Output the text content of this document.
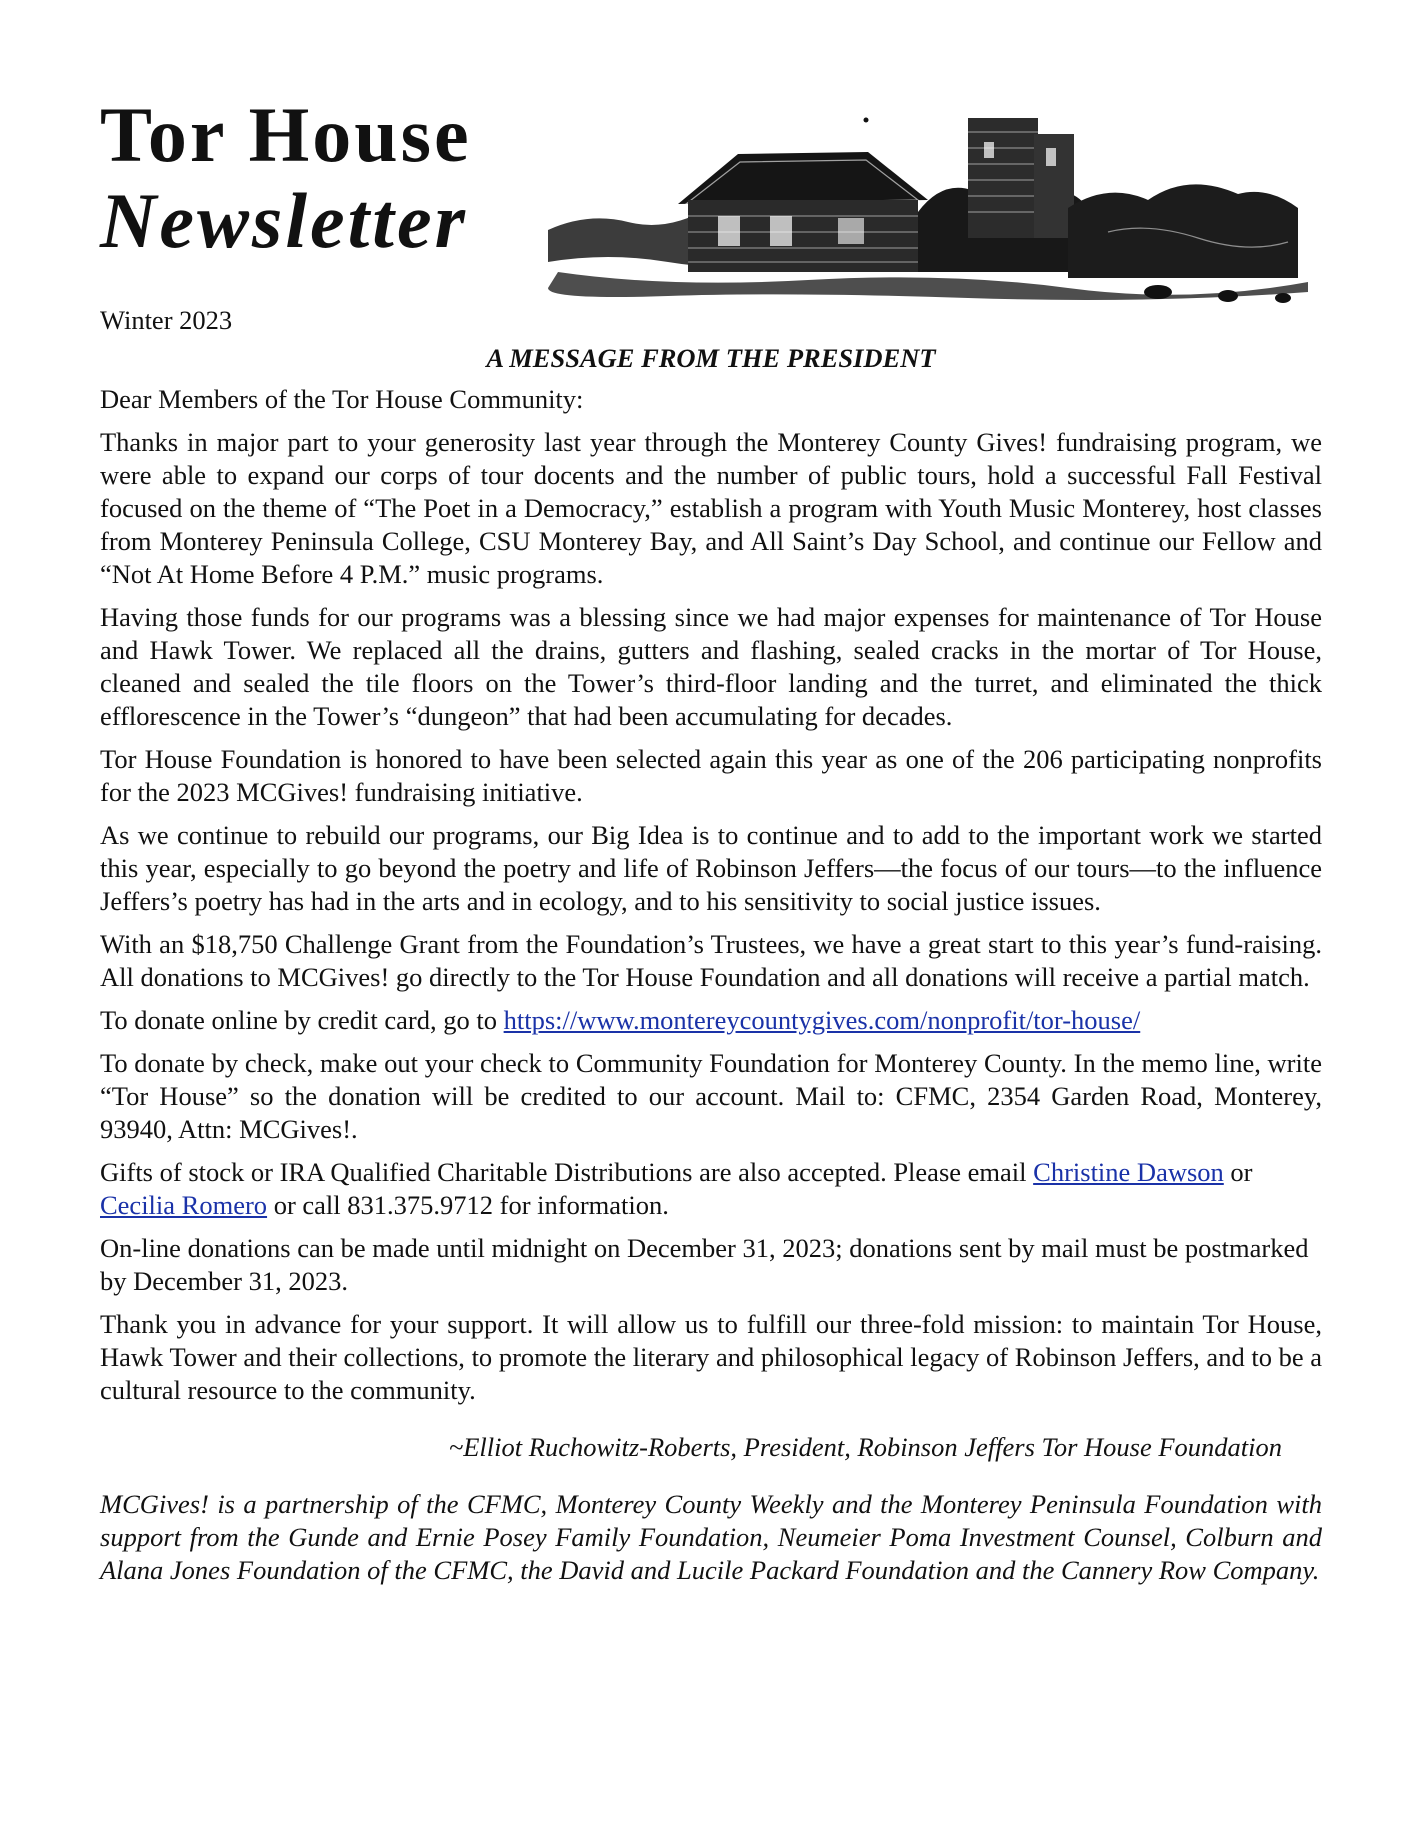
Tor House
Newsletter

Winter 2023

A MESSAGE FROM THE PRESIDENT

Dear Members of the Tor House Community:

Thanks in major part to your generosity last year through the Monterey County Gives! fundraising program, we were able to expand our corps of tour docents and the number of public tours, hold a successful Fall Festival focused on the theme of “The Poet in a Democracy,” establish a program with Youth Music Monterey, host classes from Monterey Peninsula College, CSU Monterey Bay, and All Saint’s Day School, and continue our Fellow and “Not At Home Before 4 P.M.” music programs.

Having those funds for our programs was a blessing since we had major expenses for maintenance of Tor House and Hawk Tower. We replaced all the drains, gutters and flashing, sealed cracks in the mortar of Tor House, cleaned and sealed the tile floors on the Tower’s third-floor landing and the turret, and eliminated the thick efflorescence in the Tower’s “dungeon” that had been accumulating for decades.

Tor House Foundation is honored to have been selected again this year as one of the 206 participating nonprofits for the 2023 MCGives! fundraising initiative.

As we continue to rebuild our programs, our Big Idea is to continue and to add to the important work we started this year, especially to go beyond the poetry and life of Robinson Jeffers—the focus of our tours—to the influence Jeffers’s poetry has had in the arts and in ecology, and to his sensitivity to social justice issues.

With an $18,750 Challenge Grant from the Foundation’s Trustees, we have a great start to this year’s fund-raising. All donations to MCGives! go directly to the Tor House Foundation and all donations will receive a partial match.

To donate online by credit card, go to https://www.montereycountygives.com/nonprofit/tor-house/

To donate by check, make out your check to Community Foundation for Monterey County. In the memo line, write “Tor House” so the donation will be credited to our account. Mail to: CFMC, 2354 Garden Road, Monterey, 93940, Attn: MCGives!.

Gifts of stock or IRA Qualified Charitable Distributions are also accepted. Please email Christine Dawson or Cecilia Romero or call 831.375.9712 for information.

On-line donations can be made until midnight on December 31, 2023; donations sent by mail must be postmarked by December 31, 2023.

Thank you in advance for your support. It will allow us to fulfill our three-fold mission: to maintain Tor House, Hawk Tower and their collections, to promote the literary and philosophical legacy of Robinson Jeffers, and to be a cultural resource to the community.

~Elliot Ruchowitz-Roberts, President, Robinson Jeffers Tor House Foundation

MCGives! is a partnership of the CFMC, Monterey County Weekly and the Monterey Peninsula Foundation with support from the Gunde and Ernie Posey Family Foundation, Neumeier Poma Investment Counsel, Colburn and Alana Jones Foundation of the CFMC, the David and Lucile Packard Foundation and the Cannery Row Company.
